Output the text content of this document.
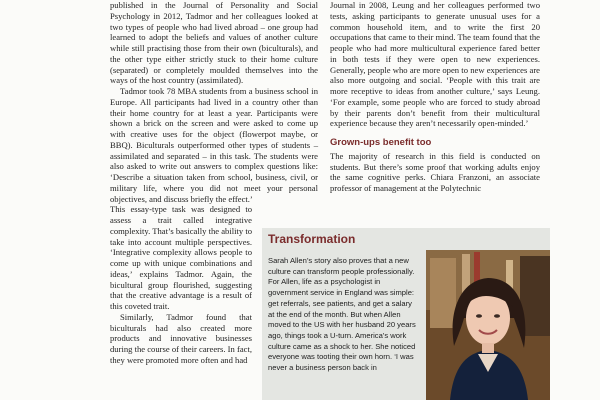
published in the Journal of Personality and Social Psychology in 2012, Tadmor and her colleagues looked at two types of people who had lived abroad – one group had learned to adopt the beliefs and values of another culture while still practising those from their own (biculturals), and the other type either strictly stuck to their home culture (separated) or completely moulded themselves into the ways of the host country (assimilated).

Tadmor took 78 MBA students from a business school in Europe. All participants had lived in a country other than their home country for at least a year. Participants were shown a brick on the screen and were asked to come up with creative uses for the object (flowerpot maybe, or BBQ). Biculturals outperformed other types of students – assimilated and separated – in this task. The students were also asked to write out answers to complex questions like: ‘Describe a situation taken from school, business, civil, or military life, where you did not meet your personal objectives, and discuss briefly the effect.’

This essay-type task was designed to assess a trait called integrative complexity. That’s basically the ability to take into account multiple perspectives. ‘Integrative complexity allows people to come up with unique combinations and ideas,’ explains Tadmor. Again, the bicultural group flourished, suggesting that the creative advantage is a result of this coveted trait.

Similarly, Tadmor found that biculturals had also created more products and innovative businesses during the course of their careers. In fact, they were promoted more often and had

Journal in 2008, Leung and her colleagues performed two tests, asking participants to generate unusual uses for a common household item, and to write the first 20 occupations that came to their mind. The team found that the people who had more multicultural experience fared better in both tests if they were open to new experiences. Generally, people who are more open to new experiences are also more outgoing and social. ‘People with this trait are more receptive to ideas from another culture,’ says Leung. ‘For example, some people who are forced to study abroad by their parents don’t benefit from their multicultural experience because they aren’t necessarily open-minded.’

Grown-ups benefit too

The majority of research in this field is conducted on students. But there’s some proof that working adults enjoy the same cognitive perks. Chiara Franzoni, an associate professor of management at the Polytechnic

Transformation
Sarah Allen’s story also proves that a new culture can transform people professionally. For Allen, life as a psychologist in government service in England was simple: get referrals, see patients, and get a salary at the end of the month. But when Allen moved to the US with her husband 20 years ago, things took a U-turn. America’s work culture came as a shock to her. She noticed everyone was tooting their own horn. ‘I was never a business person back in
